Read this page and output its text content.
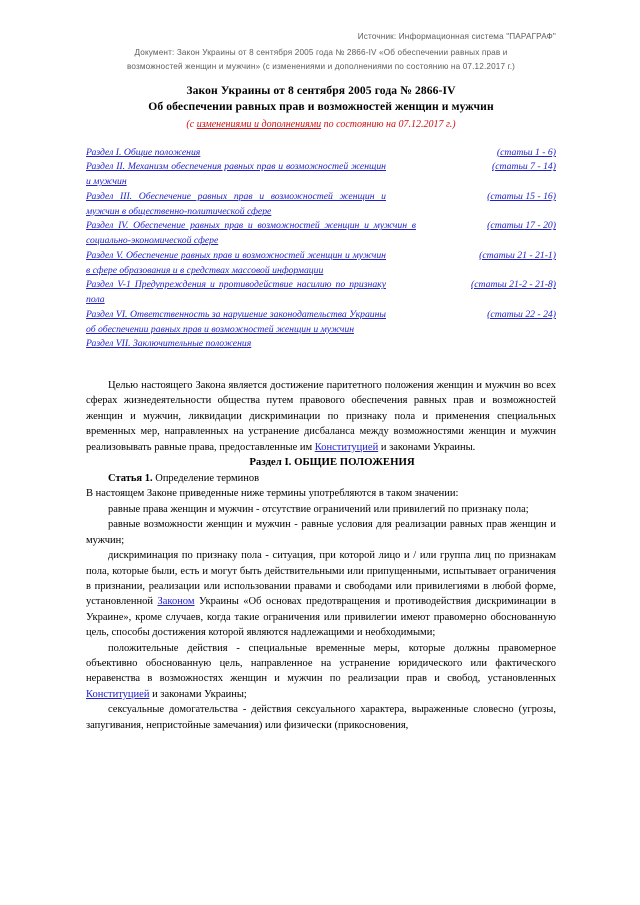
Источник: Информационная система "ПАРАГРАФ"
Документ: Закон Украины от 8 сентября 2005 года № 2866-IV «Об обеспечении равных прав и
возможностей женщин и мужчин» (с изменениями и дополнениями по состоянию на 07.12.2017 г.)
Закон Украины от 8 сентября 2005 года № 2866-IV
Об обеспечении равных прав и возможностей женщин и мужчин
(с изменениями и дополнениями по состоянию на 07.12.2017 г.)
Раздел I. Общие положения	(статьи 1 - 6)
Раздел II. Механизм обеспечения равных прав и возможностей женщин и мужчин
(статьи 7 - 14)
Раздел III. Обеспечение равных прав и возможностей женщин и мужчин в общественно-политической сфере
(статьи 15 - 16)
Раздел IV. Обеспечение равных прав и возможностей женщин и мужчин в социально-экономической сфере
(статьи 17 - 20)
Раздел V. Обеспечение равных прав и возможностей женщин и мужчин в сфере образования и в средствах массовой информации
(статьи 21 - 21-1)
Раздел V-1 Предупреждения и противодействие насилию по признаку пола
(статьи 21-2 - 21-8)
Раздел VI. Ответственность за нарушение законодательства Украины об обеспечении равных прав и возможностей женщин и мужчин
(статьи 22 - 24)
Раздел VII. Заключительные положения

Целью настоящего Закона является достижение паритетного положения женщин и мужчин во всех сферах жизнедеятельности общества путем правового обеспечения равных прав и возможностей женщин и мужчин, ликвидации дискриминации по признаку пола и применения специальных временных мер, направленных на устранение дисбаланса между возможностями женщин и мужчин реализовывать равные права, предоставленные им Конституцией и законами Украины.

Раздел I. ОБЩИЕ ПОЛОЖЕНИЯ

Статья 1. Определение терминов

В настоящем Законе приведенные ниже термины употребляются в таком значении:

равные права женщин и мужчин - отсутствие ограничений или привилегий по признаку пола;

равные возможности женщин и мужчин - равные условия для реализации равных прав женщин и мужчин;

дискриминация по признаку пола - ситуация, при которой лицо и / или группа лиц по признакам пола, которые были, есть и могут быть действительными или припущенными, испытывает ограничения в признании, реализации или использовании правами и свободами или привилегиями в любой форме, установленной Законом Украины «Об основах предотвращения и противодействия дискриминации в Украине», кроме случаев, когда такие ограничения или привилегии имеют правомерно обоснованную цель, способы достижения которой являются надлежащими и необходимыми;

положительные действия - специальные временные меры, которые должны правомерное объективно обоснованную цель, направленное на устранение юридического или фактического неравенства в возможностях женщин и мужчин по реализации прав и свобод, установленных Конституцией и законами Украины;

сексуальные домогательства - действия сексуального характера, выраженные словесно (угрозы, запугивания, непристойные замечания) или физически (прикосновения,
